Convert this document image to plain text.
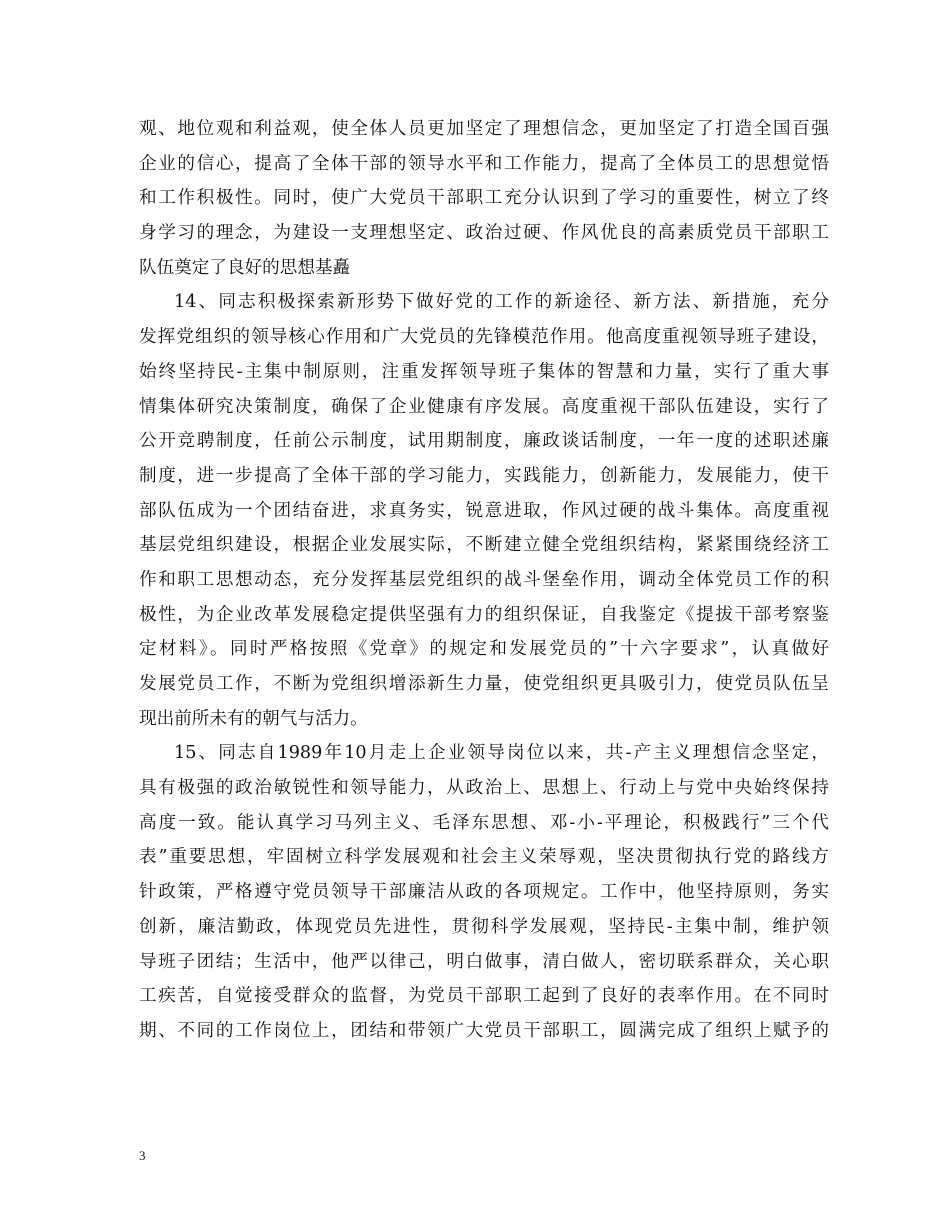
观、地位观和利益观，使全体人员更加坚定了理想信念，更加坚定了打造全国百强
企业的信心，提高了全体干部的领导水平和工作能力，提高了全体员工的思想觉悟
和工作积极性。同时，使广大党员干部职工充分认识到了学习的重要性，树立了终
身学习的理念，为建设一支理想坚定、政治过硬、作风优良的高素质党员干部职工
队伍奠定了良好的思想基矗
14、同志积极探索新形势下做好党的工作的新途径、新方法、新措施，充分
发挥党组织的领导核心作用和广大党员的先锋模范作用。他高度重视领导班子建设，
始终坚持民-主集中制原则，注重发挥领导班子集体的智慧和力量，实行了重大事
情集体研究决策制度，确保了企业健康有序发展。高度重视干部队伍建设，实行了
公开竞聘制度，任前公示制度，试用期制度，廉政谈话制度，一年一度的述职述廉
制度，进一步提高了全体干部的学习能力，实践能力，创新能力，发展能力，使干
部队伍成为一个团结奋进，求真务实，锐意进取，作风过硬的战斗集体。高度重视
基层党组织建设，根据企业发展实际，不断建立健全党组织结构，紧紧围绕经济工
作和职工思想动态，充分发挥基层党组织的战斗堡垒作用，调动全体党员工作的积
极性，为企业改革发展稳定提供坚强有力的组织保证，自我鉴定《提拔干部考察鉴
定材料》。同时严格按照《党章》的规定和发展党员的”十六字要求”，认真做好
发展党员工作，不断为党组织增添新生力量，使党组织更具吸引力，使党员队伍呈
现出前所未有的朝气与活力。
15、同志自1989年10月走上企业领导岗位以来，共-产主义理想信念坚定，
具有极强的政治敏锐性和领导能力，从政治上、思想上、行动上与党中央始终保持
高度一致。能认真学习马列主义、毛泽东思想、邓-小-平理论，积极践行”三个代
表”重要思想，牢固树立科学发展观和社会主义荣辱观，坚决贯彻执行党的路线方
针政策，严格遵守党员领导干部廉洁从政的各项规定。工作中，他坚持原则，务实
创新，廉洁勤政，体现党员先进性，贯彻科学发展观，坚持民-主集中制，维护领
导班子团结；生活中，他严以律己，明白做事，清白做人，密切联系群众，关心职
工疾苦，自觉接受群众的监督，为党员干部职工起到了良好的表率作用。在不同时
期、不同的工作岗位上，团结和带领广大党员干部职工，圆满完成了组织上赋予的
3
